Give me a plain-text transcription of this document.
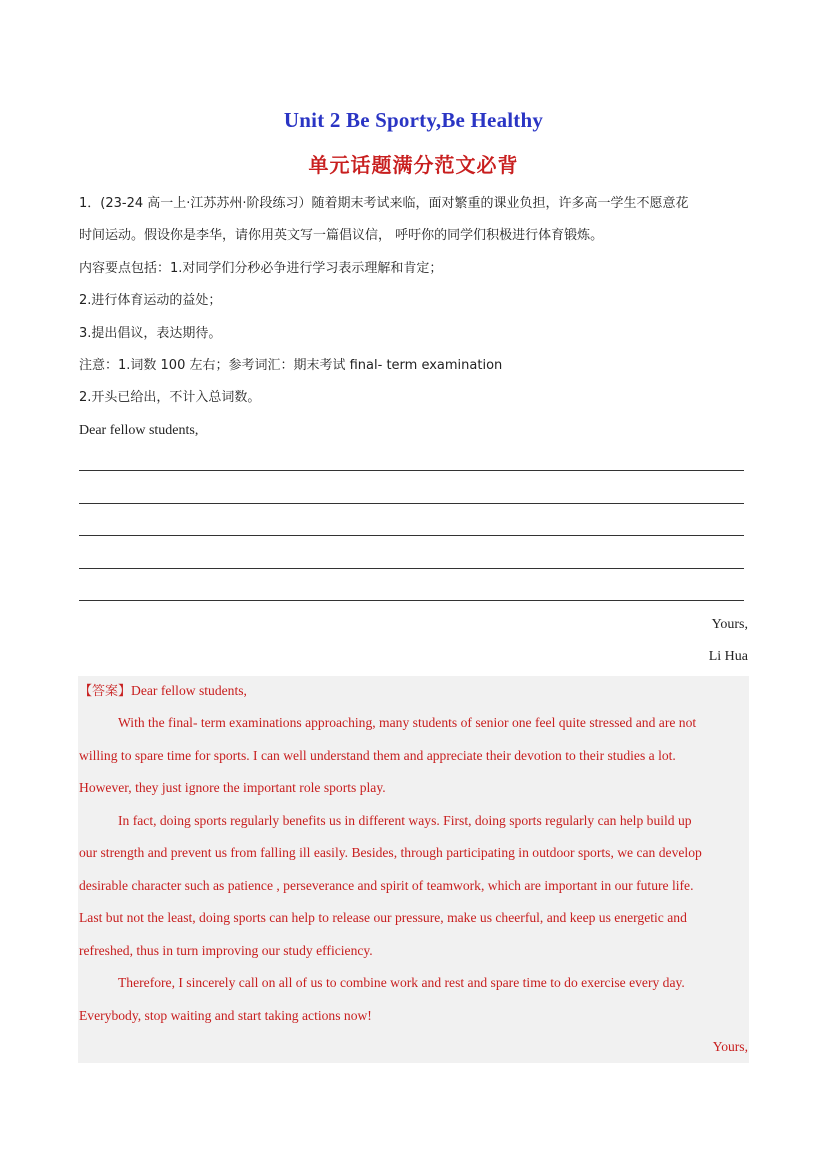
Unit 2 Be Sporty,Be Healthy
单元话题满分范文必背
1．(23-24 高一上·江苏苏州·阶段练习）随着期末考试来临，面对繁重的课业负担，许多高一学生不愿意花
时间运动。假设你是李华，请你用英文写一篇倡议信， 呼吁你的同学们积极进行体育锻炼。
内容要点包括：1.对同学们分秒必争进行学习表示理解和肯定；
2.进行体育运动的益处；
3.提出倡议，表达期待。
注意：1.词数 100 左右；参考词汇：期末考试 final- term examination
2.开头已给出，不计入总词数。
Dear fellow students,
Yours,
Li Hua
【答案】Dear fellow students,
With the final- term examinations approaching, many students of senior one feel quite stressed and are not
willing to spare time for sports. I can well understand them and appreciate their devotion to their studies a lot.
However, they just ignore the important role sports play.
In fact, doing sports regularly benefits us in different ways. First, doing sports regularly can help build up
our strength and prevent us from falling ill easily. Besides, through participating in outdoor sports, we can develop
desirable character such as patience , perseverance and spirit of teamwork, which are important in our future life.
Last but not the least, doing sports can help to release our pressure, make us cheerful, and keep us energetic and
refreshed, thus in turn improving our study efficiency.
Therefore, I sincerely call on all of us to combine work and rest and spare time to do exercise every day.
Everybody, stop waiting and start taking actions now!
Yours,
